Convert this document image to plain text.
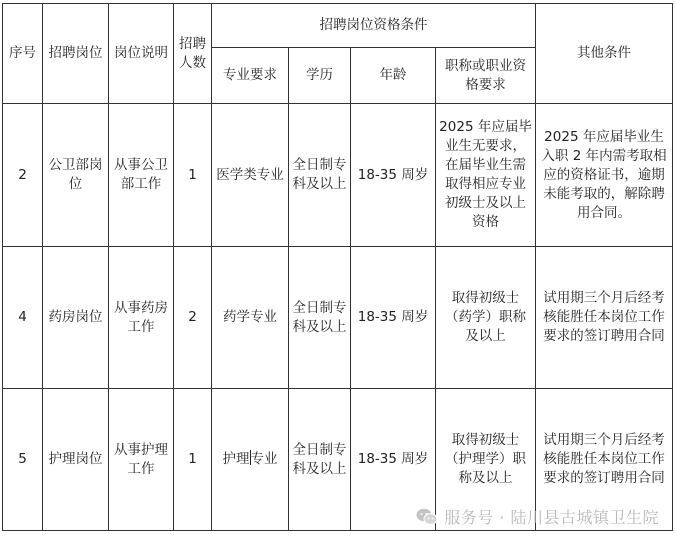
序号	招聘岗位	岗位说明	招聘人数	招聘岗位资格条件				其他条件
				专业要求	学历	年龄	职称或职业资格要求	
2	公卫部岗位	从事公卫部工作	1	医学类专业	全日制专科及以上	18-35 周岁	2025 年应届毕业生无要求，在届毕业生需取得相应专业初级士及以上资格	2025 年应届毕业生入职 2 年内需考取相应的资格证书，逾期未能考取的，解除聘用合同。
4	药房岗位	从事药房工作	2	药学专业	全日制专科及以上	18-35 周岁	取得初级士（药学）职称及以上	试用期三个月后经考核能胜任本岗位工作要求的签订聘用合同
5	护理岗位	从事护理工作	1	护理专业	全日制专科及以上	18-35 周岁	取得初级士（护理学）职称及以上	试用期三个月后经考核能胜任本岗位工作要求的签订聘用合同
服务号 · 陆川县古城镇卫生院
